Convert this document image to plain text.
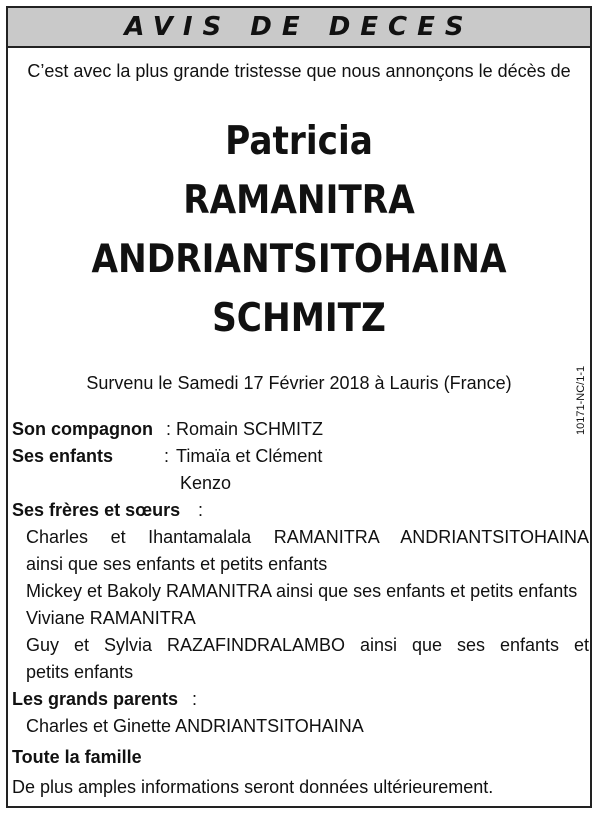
AVIS DE DECES
C’est avec la plus grande tristesse que nous annonçons le décès de
Patricia
RAMANITRA
ANDRIANTSITOHAINA
SCHMITZ
Survenu le Samedi 17 Février 2018 à Lauris (France)	10171-NC/1-1
Son compagnon : Romain SCHMITZ
Ses enfants	: Timaïa et Clément
Kenzo
Ses frères et sœurs :
Charles et Ihantamalala RAMANITRA ANDRIANTSITOHAINA
ainsi que ses enfants et petits enfants
Mickey et Bakoly RAMANITRA ainsi que ses enfants et petits enfants
Viviane RAMANITRA
Guy et Sylvia RAZAFINDRALAMBO ainsi que ses enfants et
petits enfants
Les grands parents :
Charles et Ginette ANDRIANTSITOHAINA
Toute la famille
De plus amples informations seront données ultérieurement.
